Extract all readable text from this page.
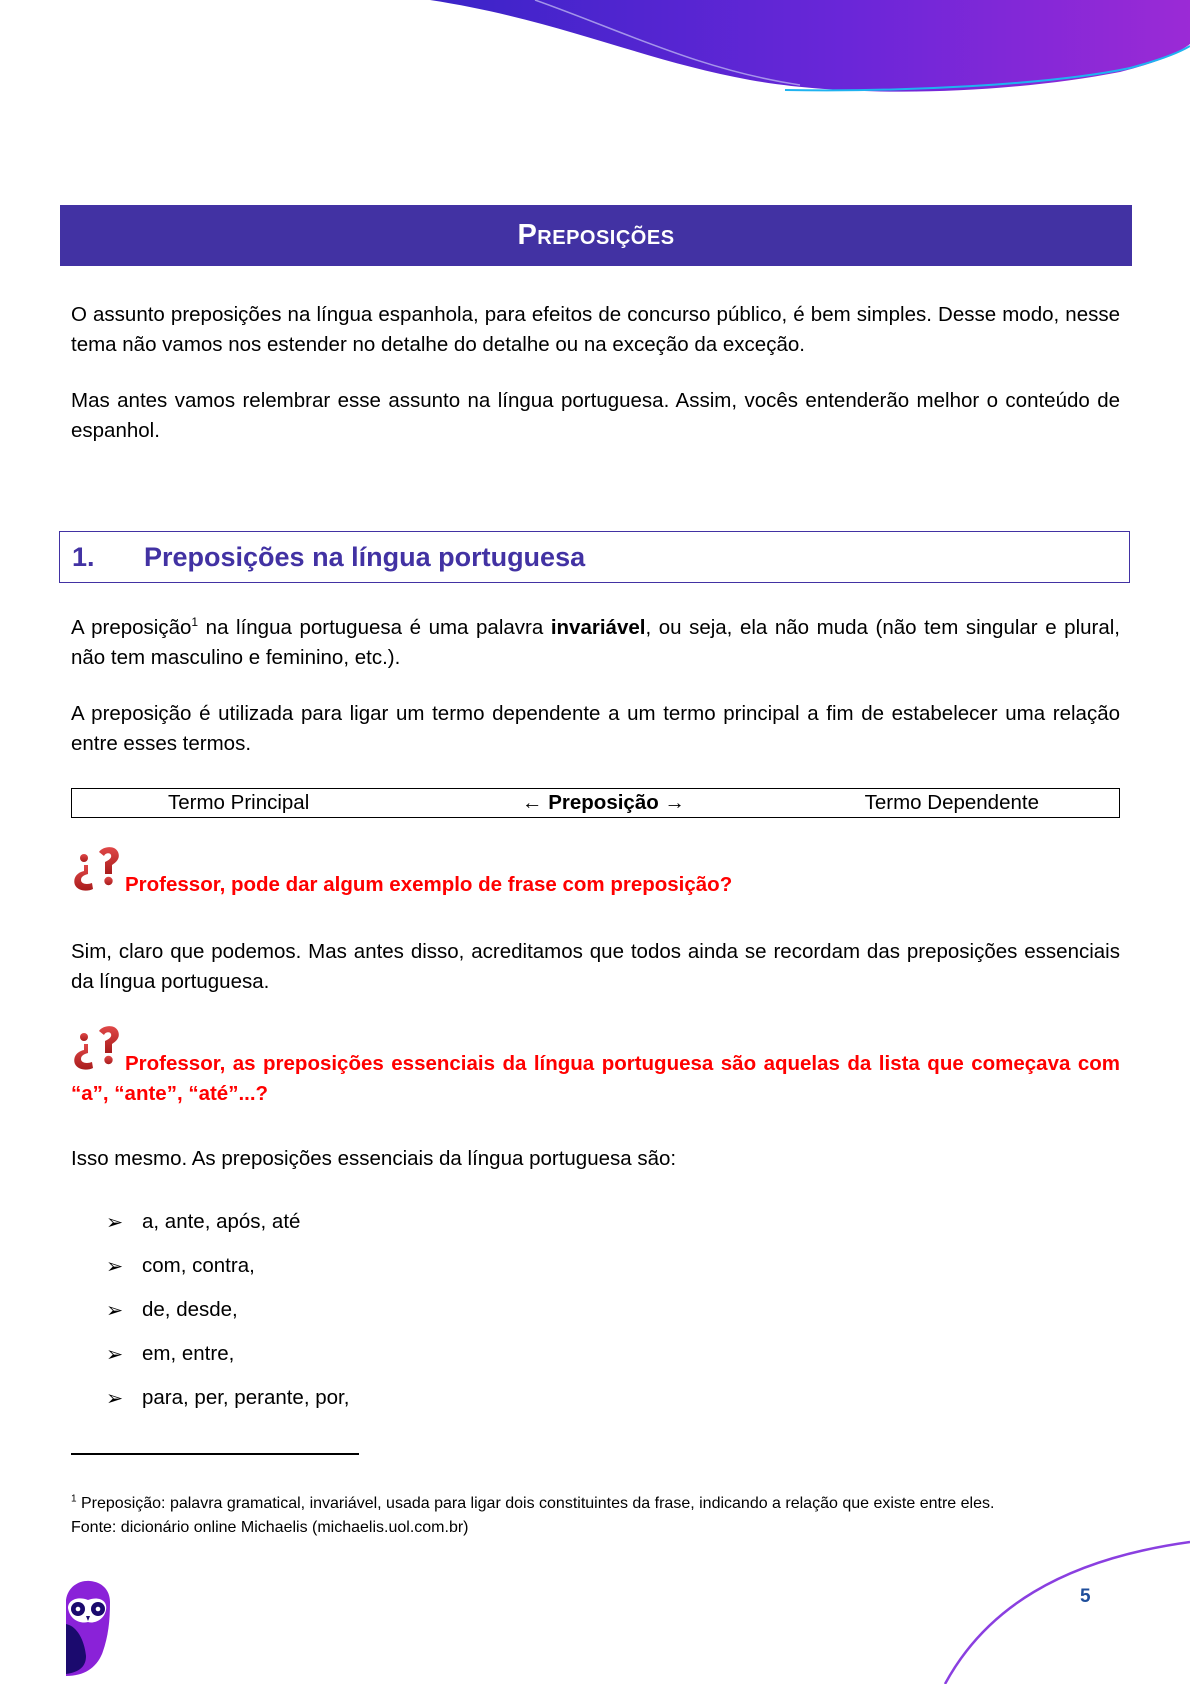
Preposições
O assunto preposições na língua espanhola, para efeitos de concurso público, é bem simples. Desse modo, nesse tema não vamos nos estender no detalhe do detalhe ou na exceção da exceção.
Mas antes vamos relembrar esse assunto na língua portuguesa. Assim, vocês entenderão melhor o conteúdo de espanhol.
1.	Preposições na língua portuguesa
A preposição$^1$ na língua portuguesa é uma palavra invariável, ou seja, ela não muda (não tem singular e plural, não tem masculino e feminino, etc.).
A preposição é utilizada para ligar um termo dependente a um termo principal a fim de estabelecer uma relação entre esses termos.
Termo Principal	← Preposição →	Termo Dependente
Professor, pode dar algum exemplo de frase com preposição?
Sim, claro que podemos. Mas antes disso, acreditamos que todos ainda se recordam das preposições essenciais da língua portuguesa.
Professor, as preposições essenciais da língua portuguesa são aquelas da lista que começava com “a”, “ante”, “até”...?
Isso mesmo. As preposições essenciais da língua portuguesa são:
➢ a, ante, após, até
➢ com, contra,
➢ de, desde,
➢ em, entre,
➢ para, per, perante, por,
$^1$ Preposição: palavra gramatical, invariável, usada para ligar dois constituintes da frase, indicando a relação que existe entre eles.
Fonte: dicionário online Michaelis (michaelis.uol.com.br)
5
